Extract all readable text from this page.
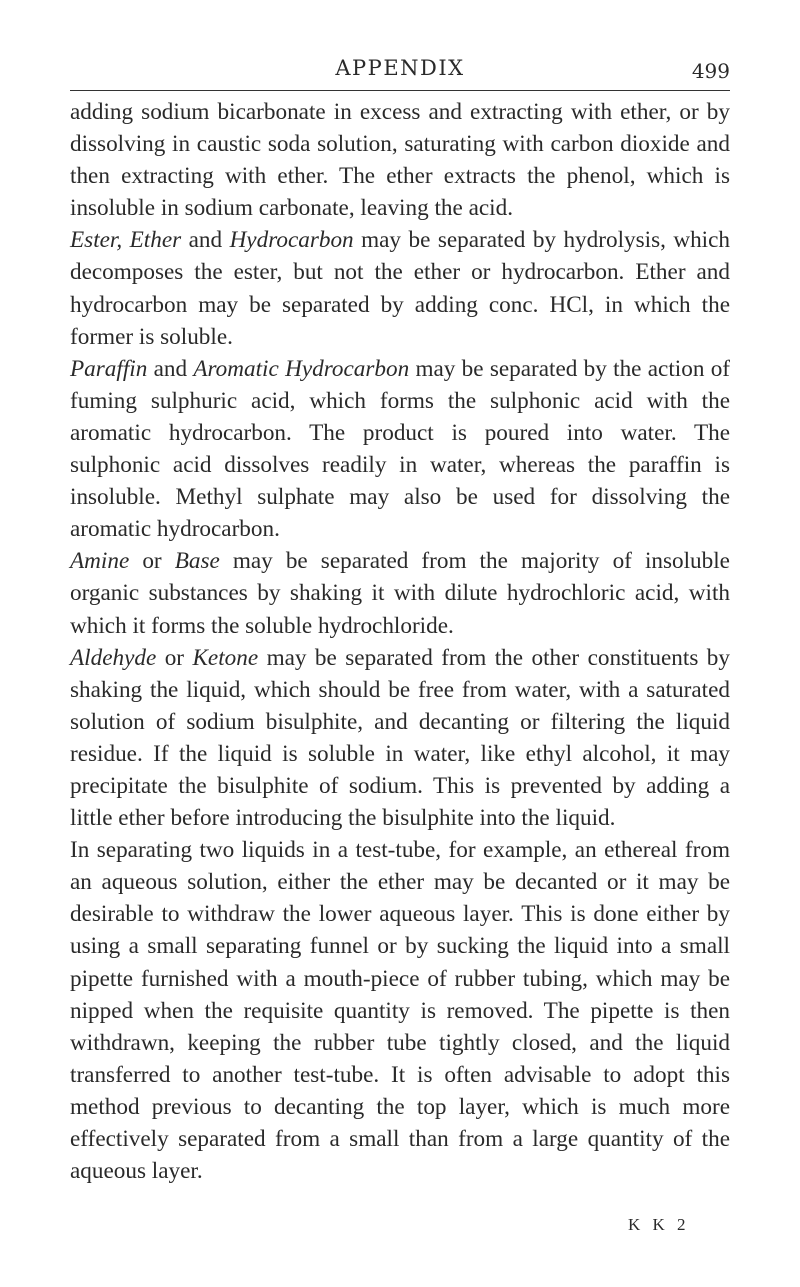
APPENDIX	499

adding sodium bicarbonate in excess and extracting with ether, or by dissolving in caustic soda solution, saturating with carbon dioxide and then extracting with ether. The ether extracts the phenol, which is insoluble in sodium carbonate, leaving the acid.

Ester, Ether and Hydrocarbon may be separated by hydrolysis, which decomposes the ester, but not the ether or hydrocarbon. Ether and hydrocarbon may be separated by adding conc. HCl, in which the former is soluble.

Paraffin and Aromatic Hydrocarbon may be separated by the action of fuming sulphuric acid, which forms the sulphonic acid with the aromatic hydrocarbon. The product is poured into water. The sulphonic acid dissolves readily in water, whereas the paraffin is insoluble. Methyl sulphate may also be used for dissolving the aromatic hydrocarbon.

Amine or Base may be separated from the majority of insoluble organic substances by shaking it with dilute hydrochloric acid, with which it forms the soluble hydrochloride.

Aldehyde or Ketone may be separated from the other constituents by shaking the liquid, which should be free from water, with a saturated solution of sodium bisulphite, and decanting or filtering the liquid residue. If the liquid is soluble in water, like ethyl alcohol, it may precipitate the bisulphite of sodium. This is prevented by adding a little ether before introducing the bisulphite into the liquid.

In separating two liquids in a test-tube, for example, an ethereal from an aqueous solution, either the ether may be decanted or it may be desirable to withdraw the lower aqueous layer. This is done either by using a small separating funnel or by sucking the liquid into a small pipette furnished with a mouth-piece of rubber tubing, which may be nipped when the requisite quantity is removed. The pipette is then withdrawn, keeping the rubber tube tightly closed, and the liquid transferred to another test-tube. It is often advisable to adopt this method previous to decanting the top layer, which is much more effectively separated from a small than from a large quantity of the aqueous layer.

K K 2
